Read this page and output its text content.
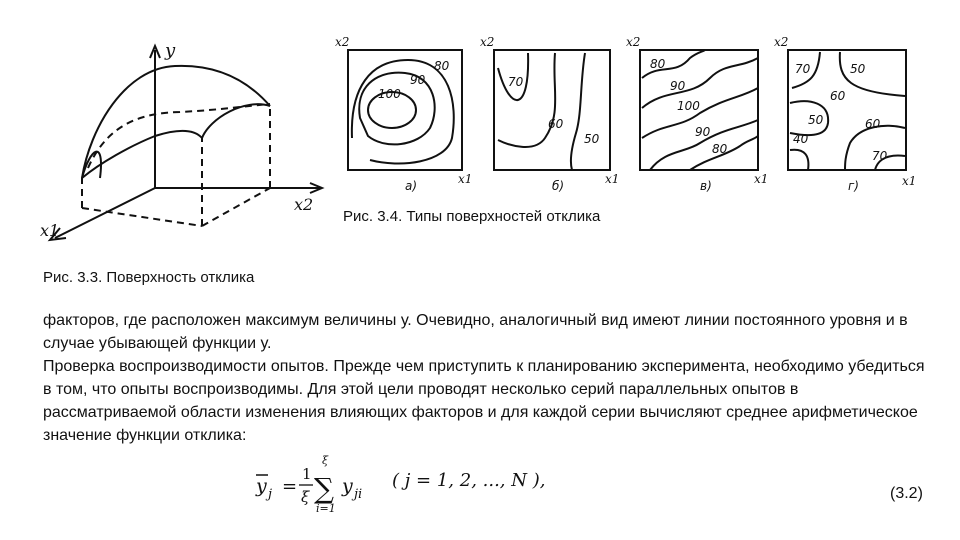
y
x2
x1
100
90
80
а)
x2
x1
70
60
50
б)
x2
x1
80
90
100
90
80
в)
x2
x1
70	50
60
50
40
60
70
г)
x2
x1
Рис. 3.4. Типы поверхностей отклика
Рис. 3.3. Поверхность отклика

факторов, где расположен максимум величины у. Очевидно, аналогичный вид имеют линии постоянного уровня и в случае убывающей функции у.

Проверка воспроизводимости опытов. Прежде чем приступить к планированию эксперимента, необходимо убедиться в том, что опыты воспроизводимы. Для этой цели проводят несколько серий параллельных опытов в рассматриваемой области изменения влияющих факторов и для каждой серии вычисляют среднее арифметическое значение функции отклика:

y j =
1
ξ
ξ
∑
i=1
y ji
( j = 1, 2, ..., N ),
(3.2)
